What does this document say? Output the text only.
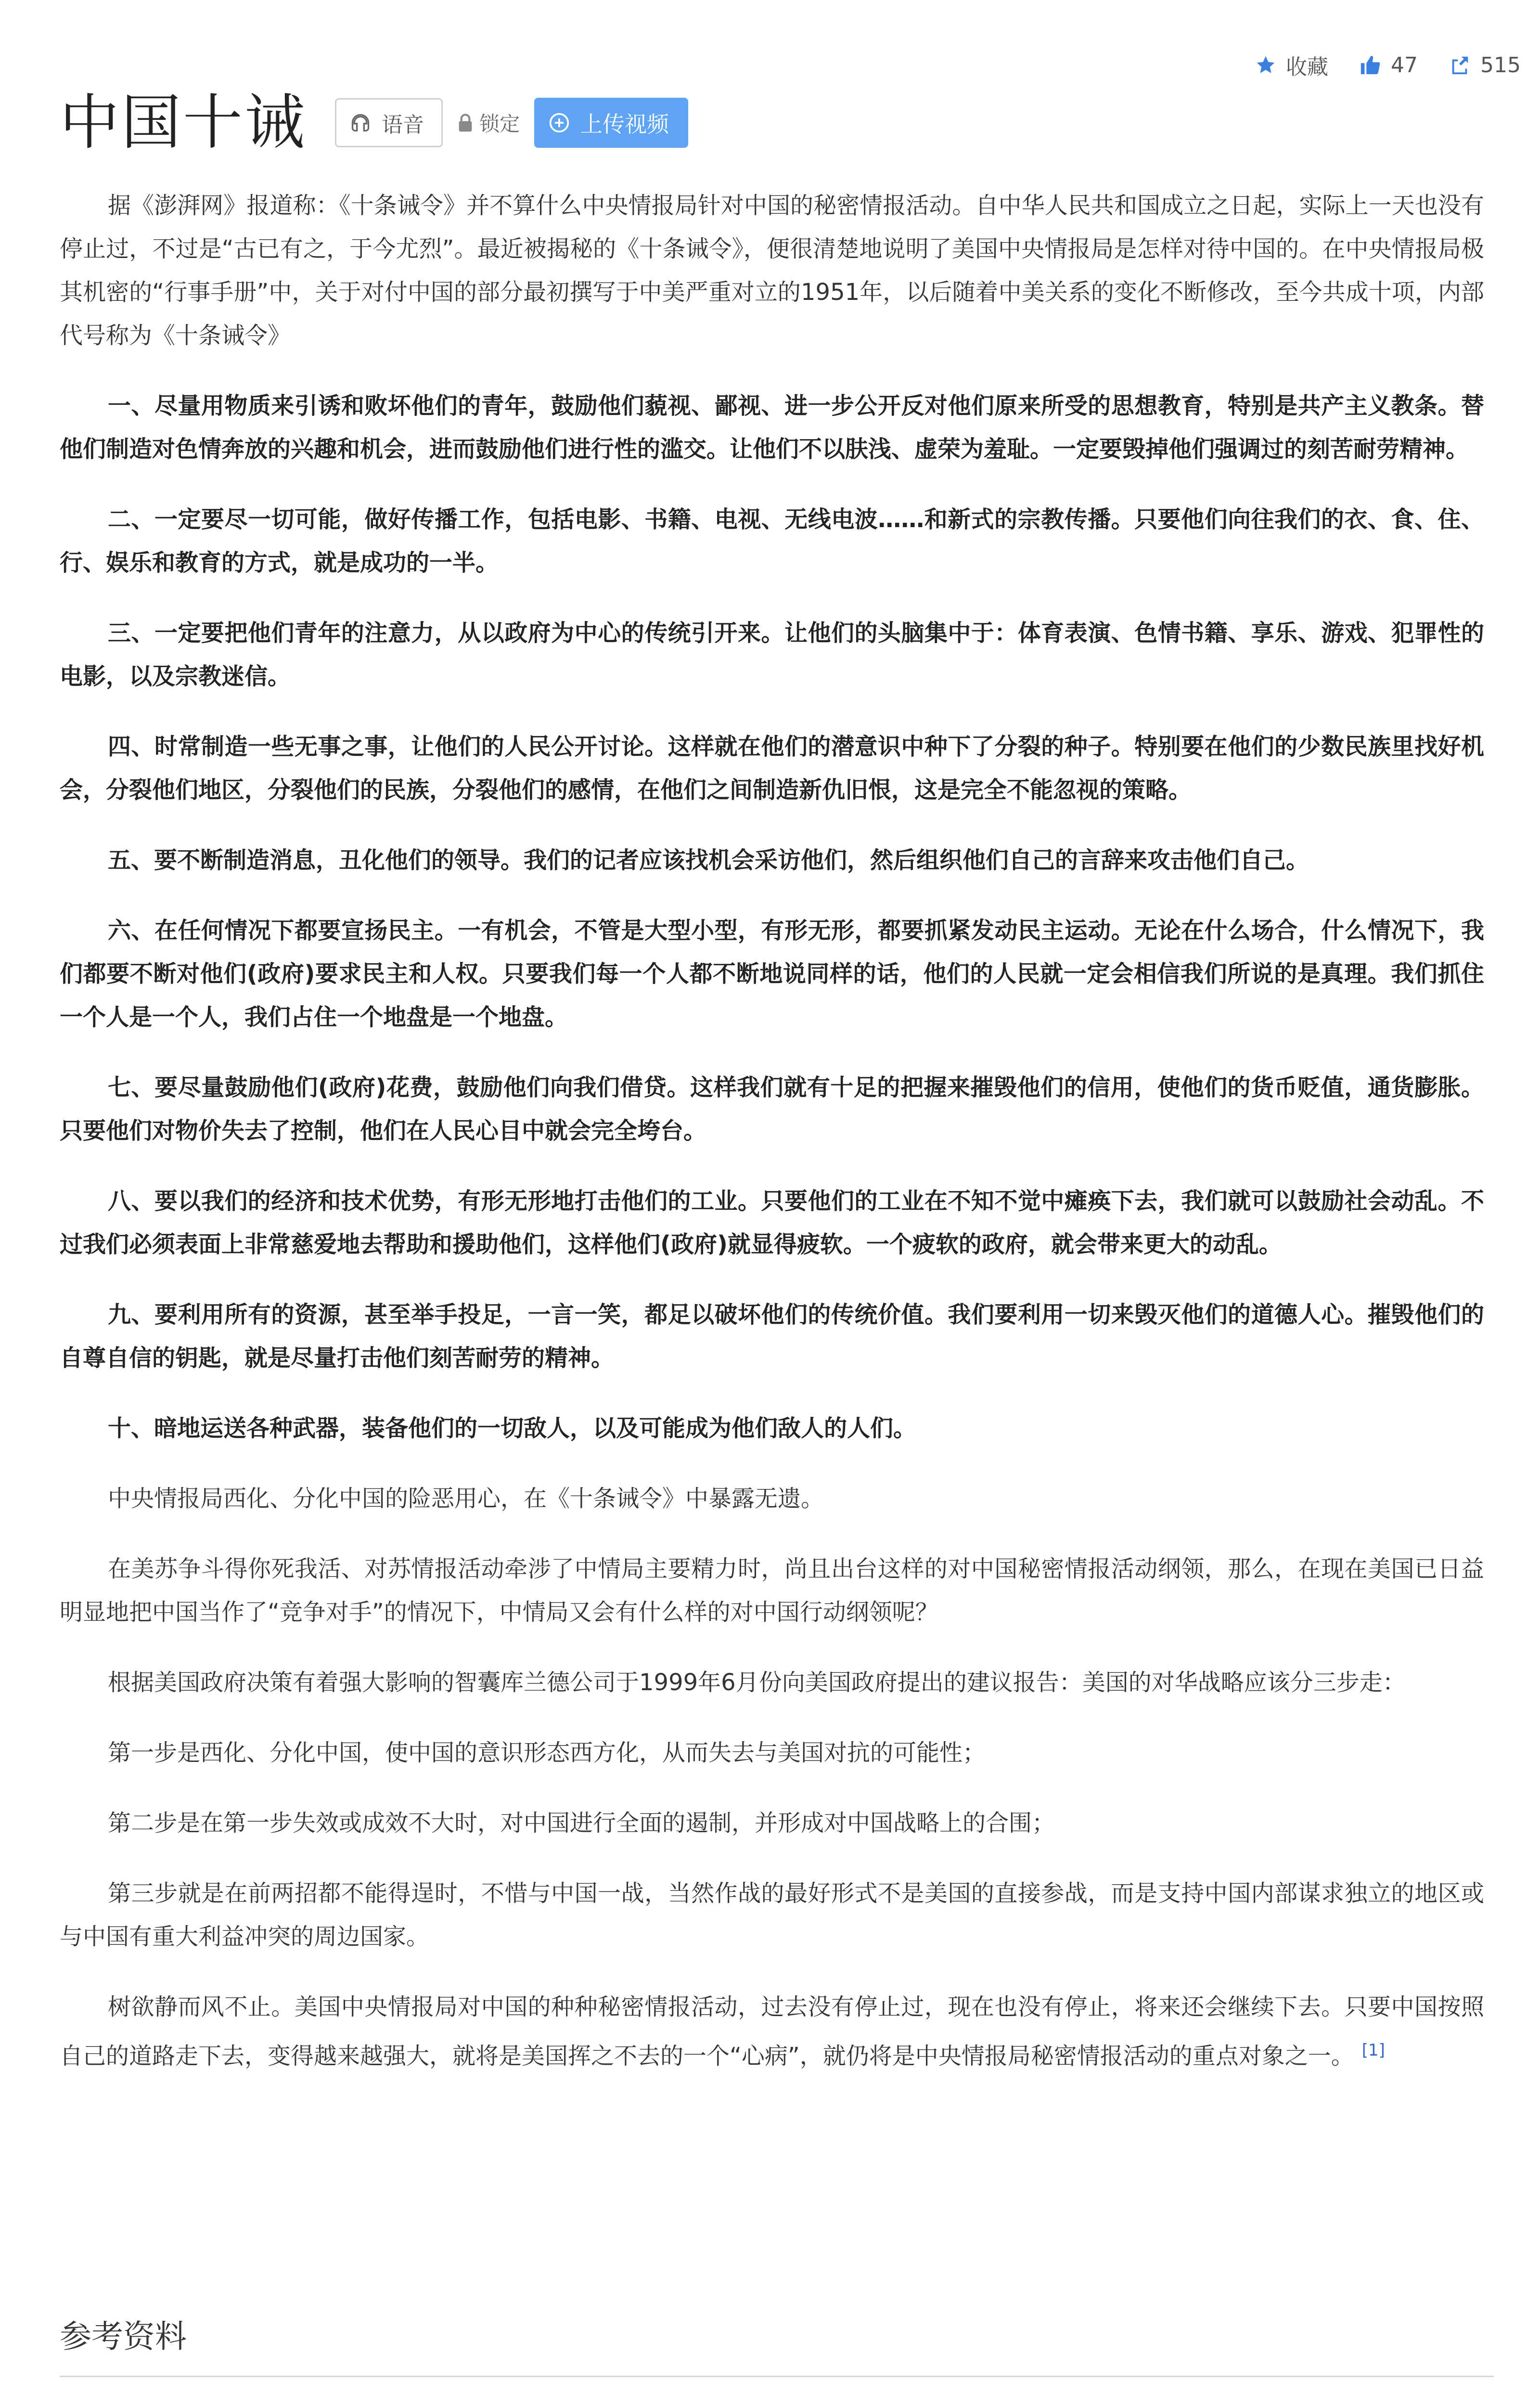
收藏	47	515
中国十诫	语音	锁定	上传视频

据《澎湃网》报道称：《十条诫令》并不算什么中央情报局针对中国的秘密情报活动。自中华人民共和国成立之日起，实际上一天也没有停止过，不过是“古已有之，于今尤烈”。最近被揭秘的《十条诫令》，便很清楚地说明了美国中央情报局是怎样对待中国的。在中央情报局极其机密的“行事手册”中，关于对付中国的部分最初撰写于中美严重对立的1951年，以后随着中美关系的变化不断修改，至今共成十项，内部代号称为《十条诫令》

一、尽量用物质来引诱和败坏他们的青年，鼓励他们藐视、鄙视、进一步公开反对他们原来所受的思想教育，特别是共产主义教条。替他们制造对色情奔放的兴趣和机会，进而鼓励他们进行性的滥交。让他们不以肤浅、虚荣为羞耻。一定要毁掉他们强调过的刻苦耐劳精神。

二、一定要尽一切可能，做好传播工作，包括电影、书籍、电视、无线电波……和新式的宗教传播。只要他们向往我们的衣、食、住、行、娱乐和教育的方式，就是成功的一半。

三、一定要把他们青年的注意力，从以政府为中心的传统引开来。让他们的头脑集中于：体育表演、色情书籍、享乐、游戏、犯罪性的电影，以及宗教迷信。

四、时常制造一些无事之事，让他们的人民公开讨论。这样就在他们的潜意识中种下了分裂的种子。特别要在他们的少数民族里找好机会，分裂他们地区，分裂他们的民族，分裂他们的感情，在他们之间制造新仇旧恨，这是完全不能忽视的策略。

五、要不断制造消息，丑化他们的领导。我们的记者应该找机会采访他们，然后组织他们自己的言辞来攻击他们自己。

六、在任何情况下都要宣扬民主。一有机会，不管是大型小型，有形无形，都要抓紧发动民主运动。无论在什么场合，什么情况下，我们都要不断对他们(政府)要求民主和人权。只要我们每一个人都不断地说同样的话，他们的人民就一定会相信我们所说的是真理。我们抓住一个人是一个人，我们占住一个地盘是一个地盘。

七、要尽量鼓励他们(政府)花费，鼓励他们向我们借贷。这样我们就有十足的把握来摧毁他们的信用，使他们的货币贬值，通货膨胀。只要他们对物价失去了控制，他们在人民心目中就会完全垮台。

八、要以我们的经济和技术优势，有形无形地打击他们的工业。只要他们的工业在不知不觉中瘫痪下去，我们就可以鼓励社会动乱。不过我们必须表面上非常慈爱地去帮助和援助他们，这样他们(政府)就显得疲软。一个疲软的政府，就会带来更大的动乱。

九、要利用所有的资源，甚至举手投足，一言一笑，都足以破坏他们的传统价值。我们要利用一切来毁灭他们的道德人心。摧毁他们的自尊自信的钥匙，就是尽量打击他们刻苦耐劳的精神。

十、暗地运送各种武器，装备他们的一切敌人，以及可能成为他们敌人的人们。

中央情报局西化、分化中国的险恶用心，在《十条诫令》中暴露无遗。

在美苏争斗得你死我活、对苏情报活动牵涉了中情局主要精力时，尚且出台这样的对中国秘密情报活动纲领，那么，在现在美国已日益明显地把中国当作了“竞争对手”的情况下，中情局又会有什么样的对中国行动纲领呢？

根据美国政府决策有着强大影响的智囊库兰德公司于1999年6月份向美国政府提出的建议报告：美国的对华战略应该分三步走：

第一步是西化、分化中国，使中国的意识形态西方化，从而失去与美国对抗的可能性；

第二步是在第一步失效或成效不大时，对中国进行全面的遏制，并形成对中国战略上的合围；

第三步就是在前两招都不能得逞时，不惜与中国一战，当然作战的最好形式不是美国的直接参战，而是支持中国内部谋求独立的地区或与中国有重大利益冲突的周边国家。

树欲静而风不止。美国中央情报局对中国的种种秘密情报活动，过去没有停止过，现在也没有停止，将来还会继续下去。只要中国按照自己的道路走下去，变得越来越强大，就将是美国挥之不去的一个“心病”，就仍将是中央情报局秘密情报活动的重点对象之一。 [1]

参考资料
